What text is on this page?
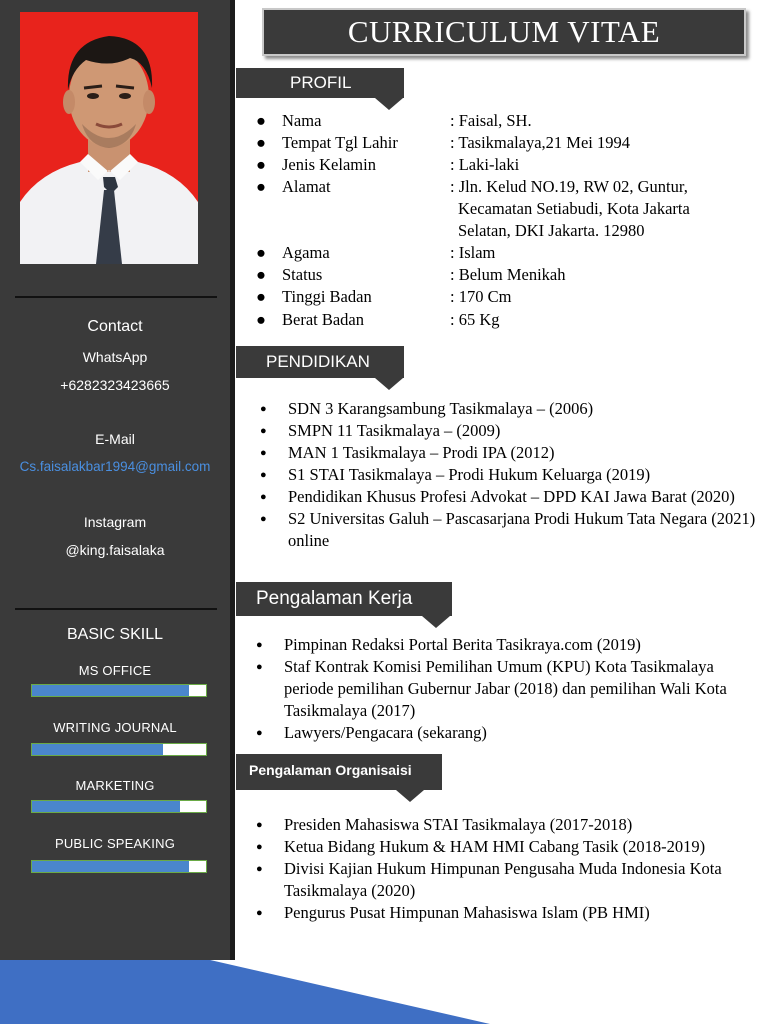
Contact
WhatsApp
+6282323423665
E-Mail
Cs.faisalakbar1994@gmail.com
Instagram
@king.faisalaka
BASIC SKILL
MS OFFICE
WRITING JOURNAL
MARKETING
PUBLIC SPEAKING
CURRICULUM VITAE
PROFIL
● Nama	: Faisal, SH.
● Tempat Tgl Lahir	: Tasikmalaya,21 Mei 1994
● Jenis Kelamin	: Laki-laki
● Alamat	: Jln. Kelud NO.19, RW 02, Guntur,
Kecamatan Setiabudi, Kota Jakarta
Selatan, DKI Jakarta. 12980
● Agama	: Islam
● Status	: Belum Menikah
● Tinggi Badan	: 170 Cm
● Berat Badan	: 65 Kg
PENDIDIKAN
● SDN 3 Karangsambung Tasikmalaya – (2006)
● SMPN 11 Tasikmalaya – (2009)
● MAN 1 Tasikmalaya – Prodi IPA (2012)
● S1 STAI Tasikmalaya – Prodi Hukum Keluarga (2019)
● Pendidikan Khusus Profesi Advokat – DPD KAI Jawa Barat (2020)
● S2 Universitas Galuh – Pascasarjana Prodi Hukum Tata Negara (2021) online
Pengalaman Kerja
● Pimpinan Redaksi Portal Berita Tasikraya.com (2019)
● Staf Kontrak Komisi Pemilihan Umum (KPU) Kota Tasikmalaya periode pemilihan Gubernur Jabar (2018) dan pemilihan Wali Kota Tasikmalaya (2017)
● Lawyers/Pengacara (sekarang)
Pengalaman Organisaisi
● Presiden Mahasiswa STAI Tasikmalaya (2017-2018)
● Ketua Bidang Hukum & HAM HMI Cabang Tasik (2018-2019)
● Divisi Kajian Hukum Himpunan Pengusaha Muda Indonesia Kota Tasikmalaya (2020)
● Pengurus Pusat Himpunan Mahasiswa Islam (PB HMI)
